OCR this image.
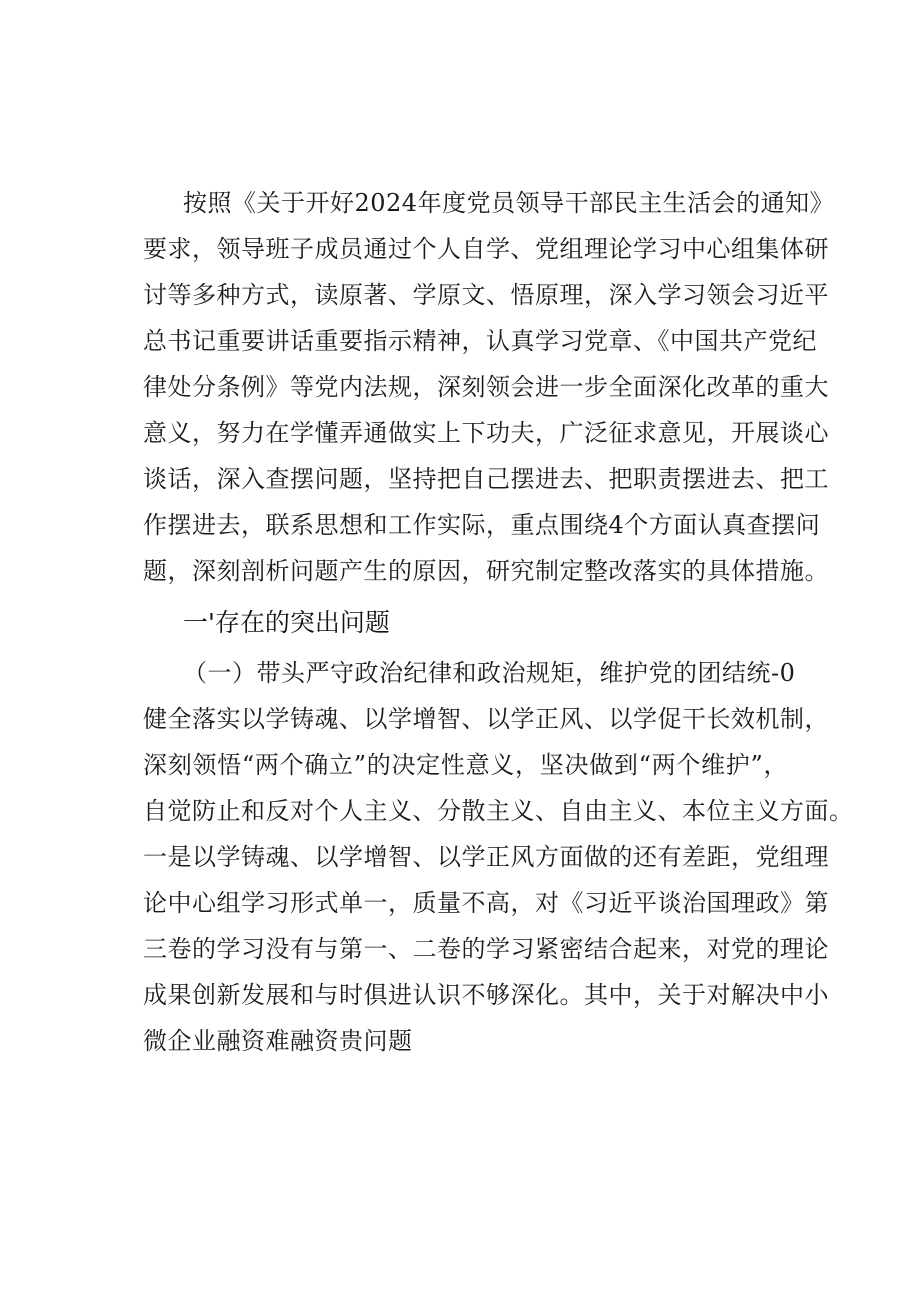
按照《关于开好2024年度党员领导干部民主生活会的通知》
要求，领导班子成员通过个人自学、党组理论学习中心组集体研
讨等多种方式，读原著、学原文、悟原理，深入学习领会习近平
总书记重要讲话重要指示精神，认真学习党章、《中国共产党纪
律处分条例》等党内法规，深刻领会进一步全面深化改革的重大
意义，努力在学懂弄通做实上下功夫，广泛征求意见，开展谈心
谈话，深入查摆问题，坚持把自己摆进去、把职责摆进去、把工
作摆进去，联系思想和工作实际，重点围绕4个方面认真查摆问
题，深刻剖析问题产生的原因，研究制定整改落实的具体措施。
一'存在的突出问题
（一）带头严守政治纪律和政治规矩，维护党的团结统-0
健全落实以学铸魂、以学增智、以学正风、以学促干长效机制，
深刻领悟“两个确立”的决定性意义，坚决做到“两个维护”，
自觉防止和反对个人主义、分散主义、自由主义、本位主义方面。
一是以学铸魂、以学增智、以学正风方面做的还有差距，党组理
论中心组学习形式单一，质量不高，对《习近平谈治国理政》第
三卷的学习没有与第一、二卷的学习紧密结合起来，对党的理论
成果创新发展和与时俱进认识不够深化。其中，关于对解决中小
微企业融资难融资贵问题
